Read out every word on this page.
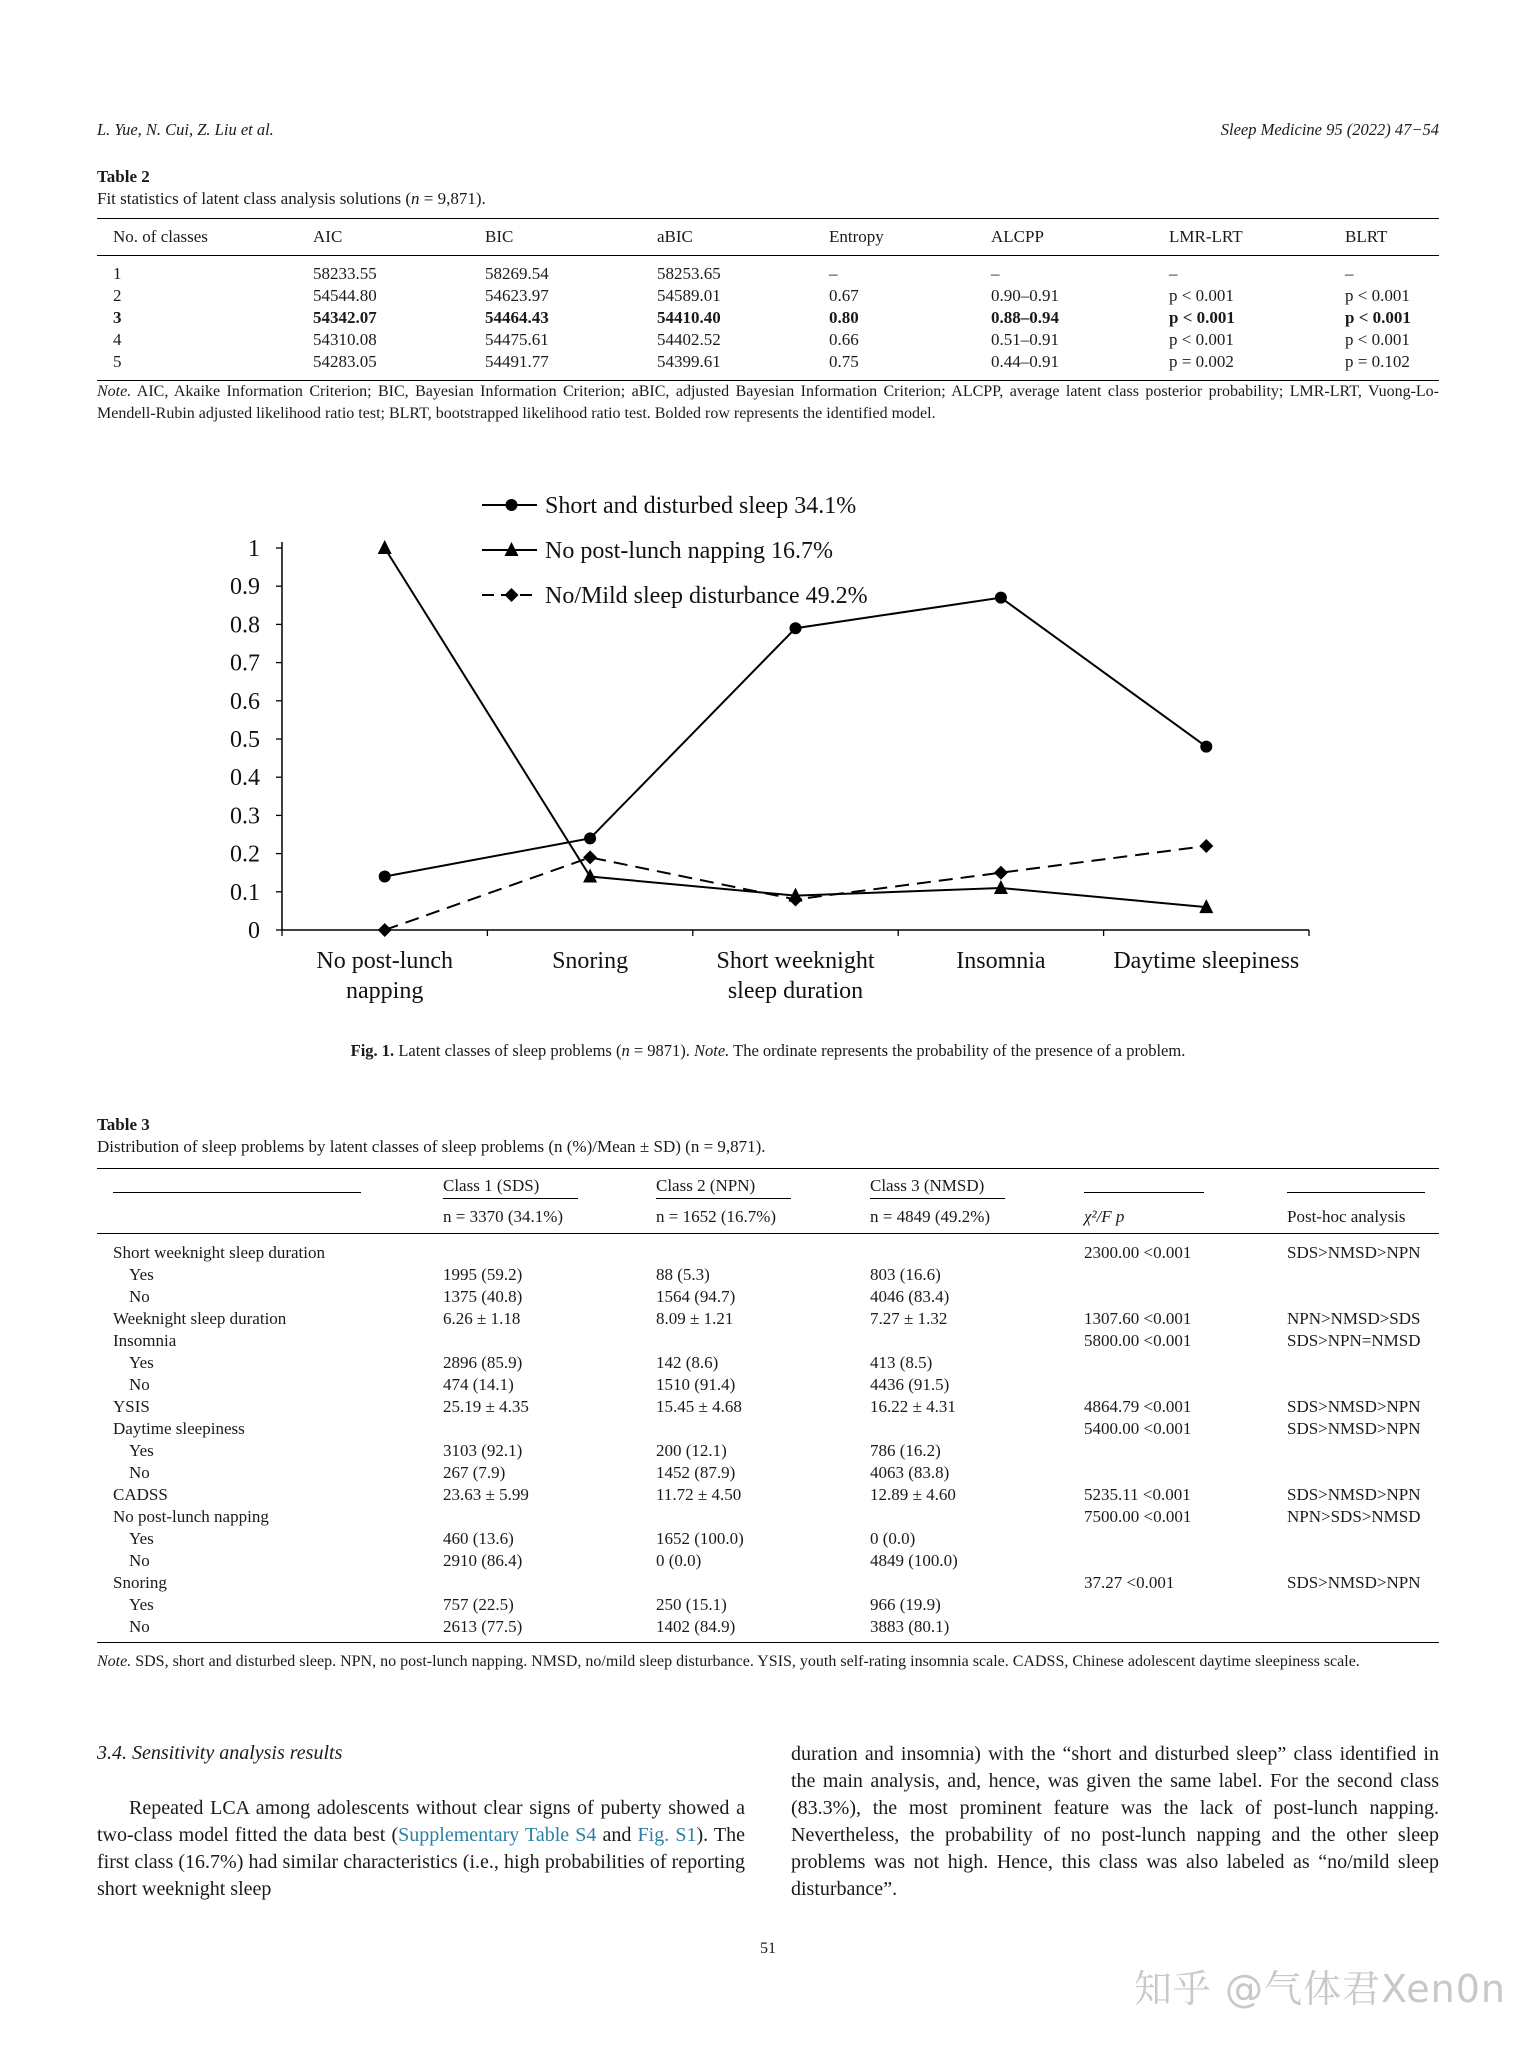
L. Yue, N. Cui, Z. Liu et al.	Sleep Medicine 95 (2022) 47−54
Table 2
Fit statistics of latent class analysis solutions (n = 9,871).
No. of classes	AIC	BIC	aBIC	Entropy	ALCPP	LMR-LRT	BLRT
1	58233.55	58269.54	58253.65	–	–	–	–
2	54544.80	54623.97	54589.01	0.67	0.90–0.91	p < 0.001	p < 0.001
3	54342.07	54464.43	54410.40	0.80	0.88–0.94	p < 0.001	p < 0.001
4	54310.08	54475.61	54402.52	0.66	0.51–0.91	p < 0.001	p < 0.001
5	54283.05	54491.77	54399.61	0.75	0.44–0.91	p = 0.002	p = 0.102
Note. AIC, Akaike Information Criterion; BIC, Bayesian Information Criterion; aBIC, adjusted Bayesian Information Criterion; ALCPP, average latent class posterior probability; LMR-LRT, Vuong-Lo-Mendell-Rubin adjusted likelihood ratio test; BLRT, bootstrapped likelihood ratio test. Bolded row represents the identified model.
0
0.1
0.2
0.3
0.4
0.5
0.6
0.7
0.8
0.9
1
No post-lunch
napping
Snoring	Short weeknight
sleep duration
Insomnia	Daytime sleepiness
Short and disturbed sleep 34.1%
No post-lunch napping 16.7%
No/Mild sleep disturbance 49.2%
Fig. 1. Latent classes of sleep problems (n = 9871). Note. The ordinate represents the probability of the presence of a problem.
Table 3
Distribution of sleep problems by latent classes of sleep problems (n (%)/Mean ± SD) (n = 9,871).
	Class 1 (SDS)	Class 2 (NPN)	Class 3 (NMSD)		
	n = 3370 (34.1%)	n = 1652 (16.7%)	n = 4849 (49.2%)	χ²/F p	Post-hoc analysis
Short weeknight sleep duration				2300.00 <0.001	SDS>NMSD>NPN
Yes	1995 (59.2)	88 (5.3)	803 (16.6)		
No	1375 (40.8)	1564 (94.7)	4046 (83.4)		
Weeknight sleep duration	6.26 ± 1.18	8.09 ± 1.21	7.27 ± 1.32	1307.60 <0.001	NPN>NMSD>SDS
Insomnia				5800.00 <0.001	SDS>NPN=NMSD
Yes	2896 (85.9)	142 (8.6)	413 (8.5)		
No	474 (14.1)	1510 (91.4)	4436 (91.5)		
YSIS	25.19 ± 4.35	15.45 ± 4.68	16.22 ± 4.31	4864.79 <0.001	SDS>NMSD>NPN
Daytime sleepiness				5400.00 <0.001	SDS>NMSD>NPN
Yes	3103 (92.1)	200 (12.1)	786 (16.2)		
No	267 (7.9)	1452 (87.9)	4063 (83.8)		
CADSS	23.63 ± 5.99	11.72 ± 4.50	12.89 ± 4.60	5235.11 <0.001	SDS>NMSD>NPN
No post-lunch napping				7500.00 <0.001	NPN>SDS>NMSD
Yes	460 (13.6)	1652 (100.0)	0 (0.0)		
No	2910 (86.4)	0 (0.0)	4849 (100.0)		
Snoring				37.27 <0.001	SDS>NMSD>NPN
Yes	757 (22.5)	250 (15.1)	966 (19.9)		
No	2613 (77.5)	1402 (84.9)	3883 (80.1)		
Note. SDS, short and disturbed sleep. NPN, no post-lunch napping. NMSD, no/mild sleep disturbance. YSIS, youth self-rating insomnia scale. CADSS, Chinese adolescent daytime sleepiness scale.
3.4. Sensitivity analysis results
Repeated LCA among adolescents without clear signs of puberty showed a two-class model fitted the data best (Supplementary Table S4 and Fig. S1). The first class (16.7%) had similar characteristics (i.e., high probabilities of reporting short weeknight sleep
duration and insomnia) with the “short and disturbed sleep” class identified in the main analysis, and, hence, was given the same label. For the second class (83.3%), the most prominent feature was the lack of post-lunch napping. Nevertheless, the probability of no post-lunch napping and the other sleep problems was not high. Hence, this class was also labeled as “no/mild sleep disturbance”.
51
知乎 @气体君Xen0n
